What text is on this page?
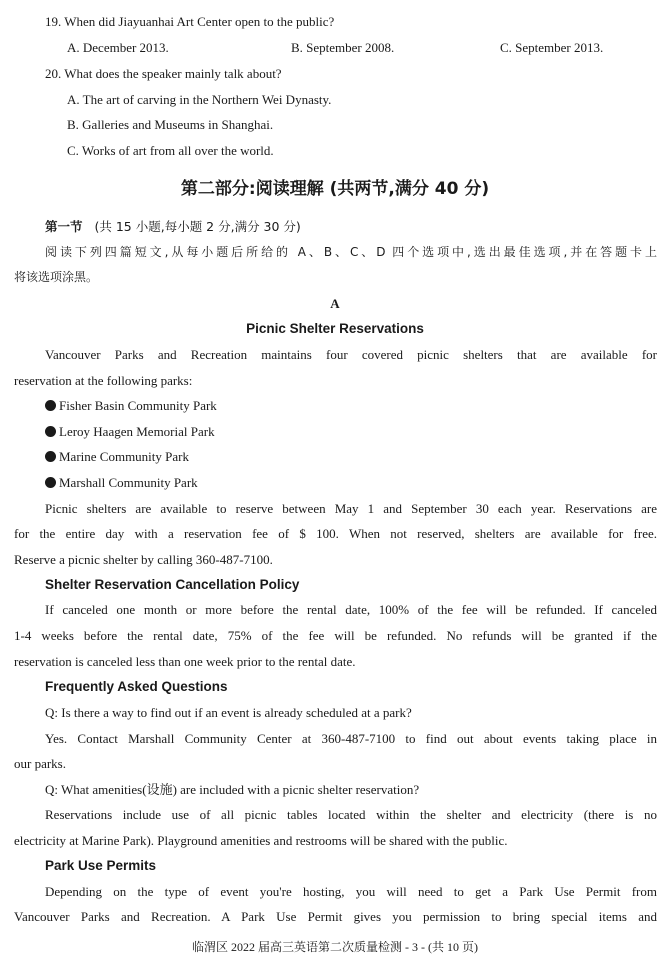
19. When did Jiayuanhai Art Center open to the public?
A. December 2013.	B. September 2008.	C. September 2013.
20. What does the speaker mainly talk about?
A. The art of carving in the Northern Wei Dynasty.
B. Galleries and Museums in Shanghai.
C. Works of art from all over the world.
第二部分:阅读理解 (共两节,满分 40 分)
第一节 (共 15 小题,每小题 2 分,满分 30 分)
阅读下列四篇短文,从每小题后所给的 A、B、C、D 四个选项中,选出最佳选项,并在答题卡上
将该选项涂黑。
A
Picnic Shelter Reservations
Vancouver Parks and Recreation maintains four covered picnic shelters that are available for
reservation at the following parks:
Fisher Basin Community Park
Leroy Haagen Memorial Park
Marine Community Park
Marshall Community Park
Picnic shelters are available to reserve between May 1 and September 30 each year. Reservations are
for the entire day with a reservation fee of $ 100. When not reserved, shelters are available for free.
Reserve a picnic shelter by calling 360-487-7100.
Shelter Reservation Cancellation Policy
If canceled one month or more before the rental date, 100% of the fee will be refunded. If canceled
1-4 weeks before the rental date, 75% of the fee will be refunded. No refunds will be granted if the
reservation is canceled less than one week prior to the rental date.
Frequently Asked Questions
Q: Is there a way to find out if an event is already scheduled at a park?
Yes. Contact Marshall Community Center at 360-487-7100 to find out about events taking place in
our parks.
Q: What amenities(设施) are included with a picnic shelter reservation?
Reservations include use of all picnic tables located within the shelter and electricity (there is no
electricity at Marine Park). Playground amenities and restrooms will be shared with the public.
Park Use Permits
Depending on the type of event you're hosting, you will need to get a Park Use Permit from
Vancouver Parks and Recreation. A Park Use Permit gives you permission to bring special items and
临渭区 2022 届高三英语第二次质量检测 - 3 - (共 10 页)
